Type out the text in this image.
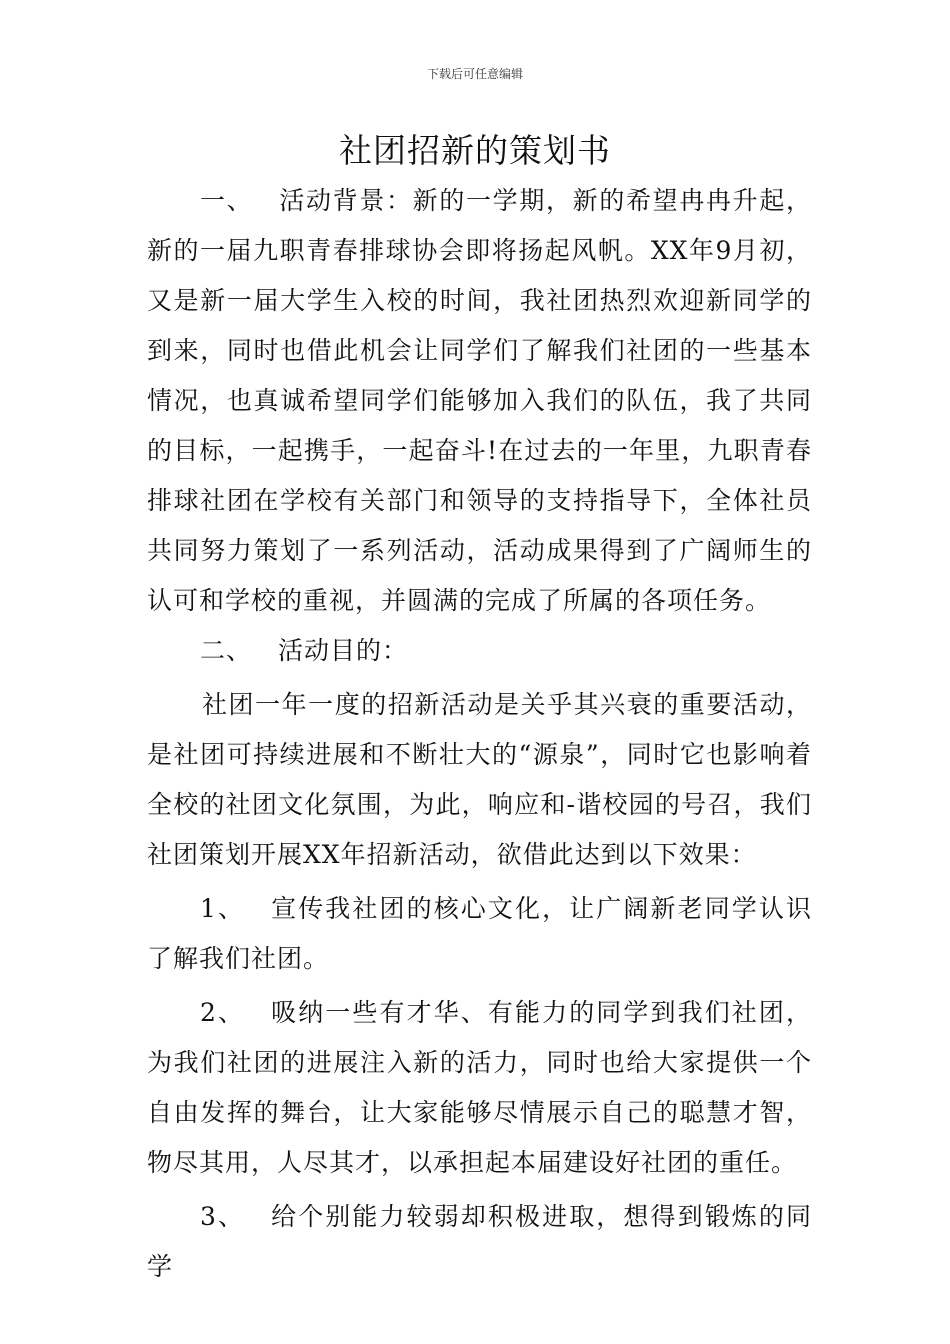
下载后可任意编辑
社团招新的策划书

一、 活动背景：新的一学期，新的希望冉冉升起，新的一届九职青春排球协会即将扬起风帆。XX年9月初，又是新一届大学生入校的时间，我社团热烈欢迎新同学的到来，同时也借此机会让同学们了解我们社团的一些基本情况，也真诚希望同学们能够加入我们的队伍，我了共同的目标，一起携手，一起奋斗!在过去的一年里，九职青春排球社团在学校有关部门和领导的支持指导下，全体社员共同努力策划了一系列活动，活动成果得到了广阔师生的认可和学校的重视，并圆满的完成了所属的各项任务。

二、 活动目的：

社团一年一度的招新活动是关乎其兴衰的重要活动，是社团可持续进展和不断壮大的“源泉”，同时它也影响着全校的社团文化氛围，为此，响应和-谐校园的号召，我们社团策划开展XX年招新活动，欲借此达到以下效果：

1、 宣传我社团的核心文化，让广阔新老同学认识了解我们社团。

2、 吸纳一些有才华、有能力的同学到我们社团，为我们社团的进展注入新的活力，同时也给大家提供一个自由发挥的舞台，让大家能够尽情展示自己的聪慧才智，物尽其用，人尽其才，以承担起本届建设好社团的重任。

3、 给个别能力较弱却积极进取，想得到锻炼的同学
